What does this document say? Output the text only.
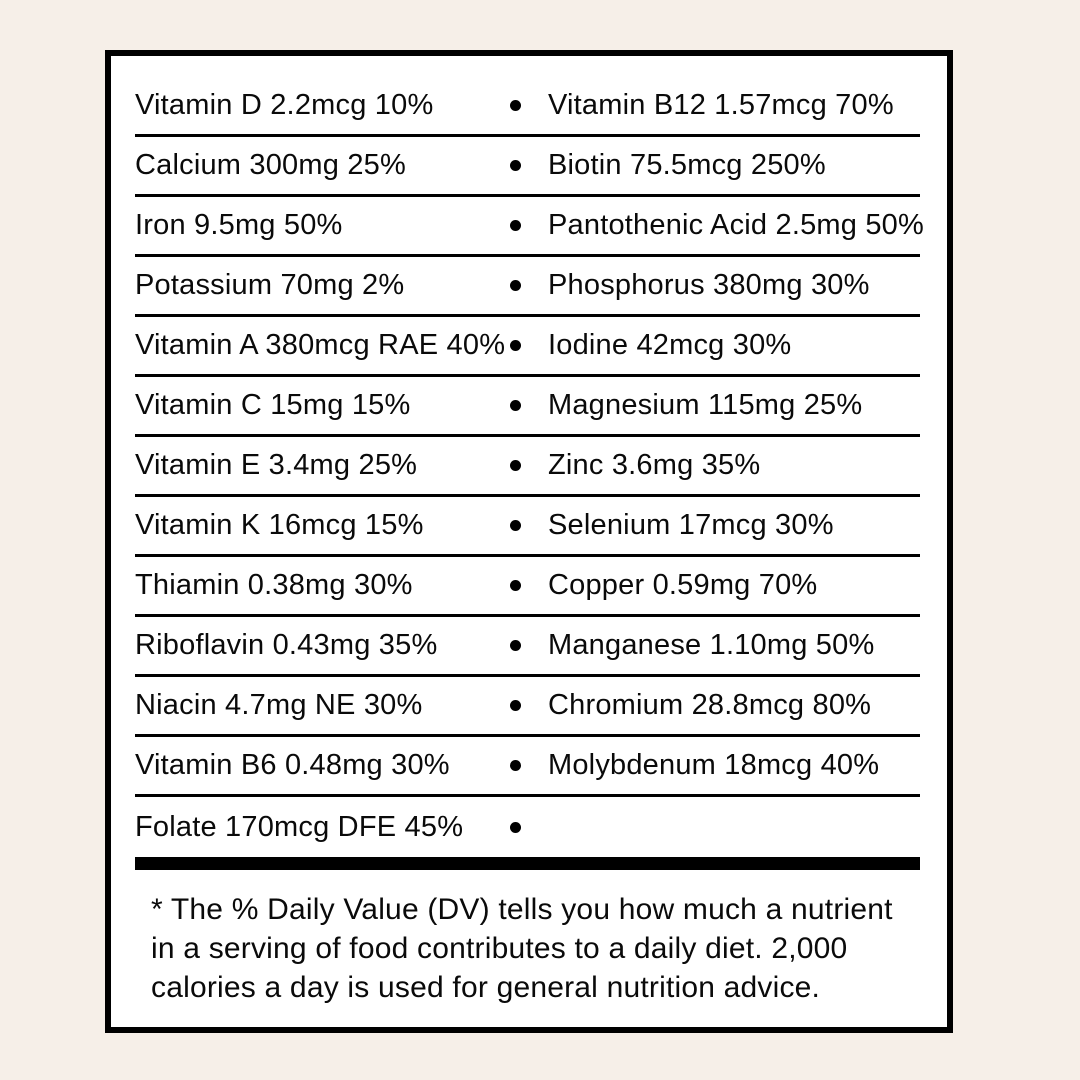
Vitamin D 2.2mcg 10%	Vitamin B12 1.57mcg 70%
Calcium 300mg 25%	Biotin 75.5mcg 250%
Iron 9.5mg 50%	Pantothenic Acid 2.5mg 50%
Potassium 70mg 2%	Phosphorus 380mg 30%
Vitamin A 380mcg RAE 40%	Iodine 42mcg 30%
Vitamin C 15mg 15%	Magnesium 115mg 25%
Vitamin E 3.4mg 25%	Zinc 3.6mg 35%
Vitamin K 16mcg 15%	Selenium 17mcg 30%
Thiamin 0.38mg 30%	Copper 0.59mg 70%
Riboflavin 0.43mg 35%	Manganese 1.10mg 50%
Niacin 4.7mg NE 30%	Chromium 28.8mcg 80%
Vitamin B6 0.48mg 30%	Molybdenum 18mcg 40%
Folate 170mcg DFE 45%
* The % Daily Value (DV) tells you how much a nutrient in a serving of food contributes to a daily diet. 2,000 calories a day is used for general nutrition advice.
